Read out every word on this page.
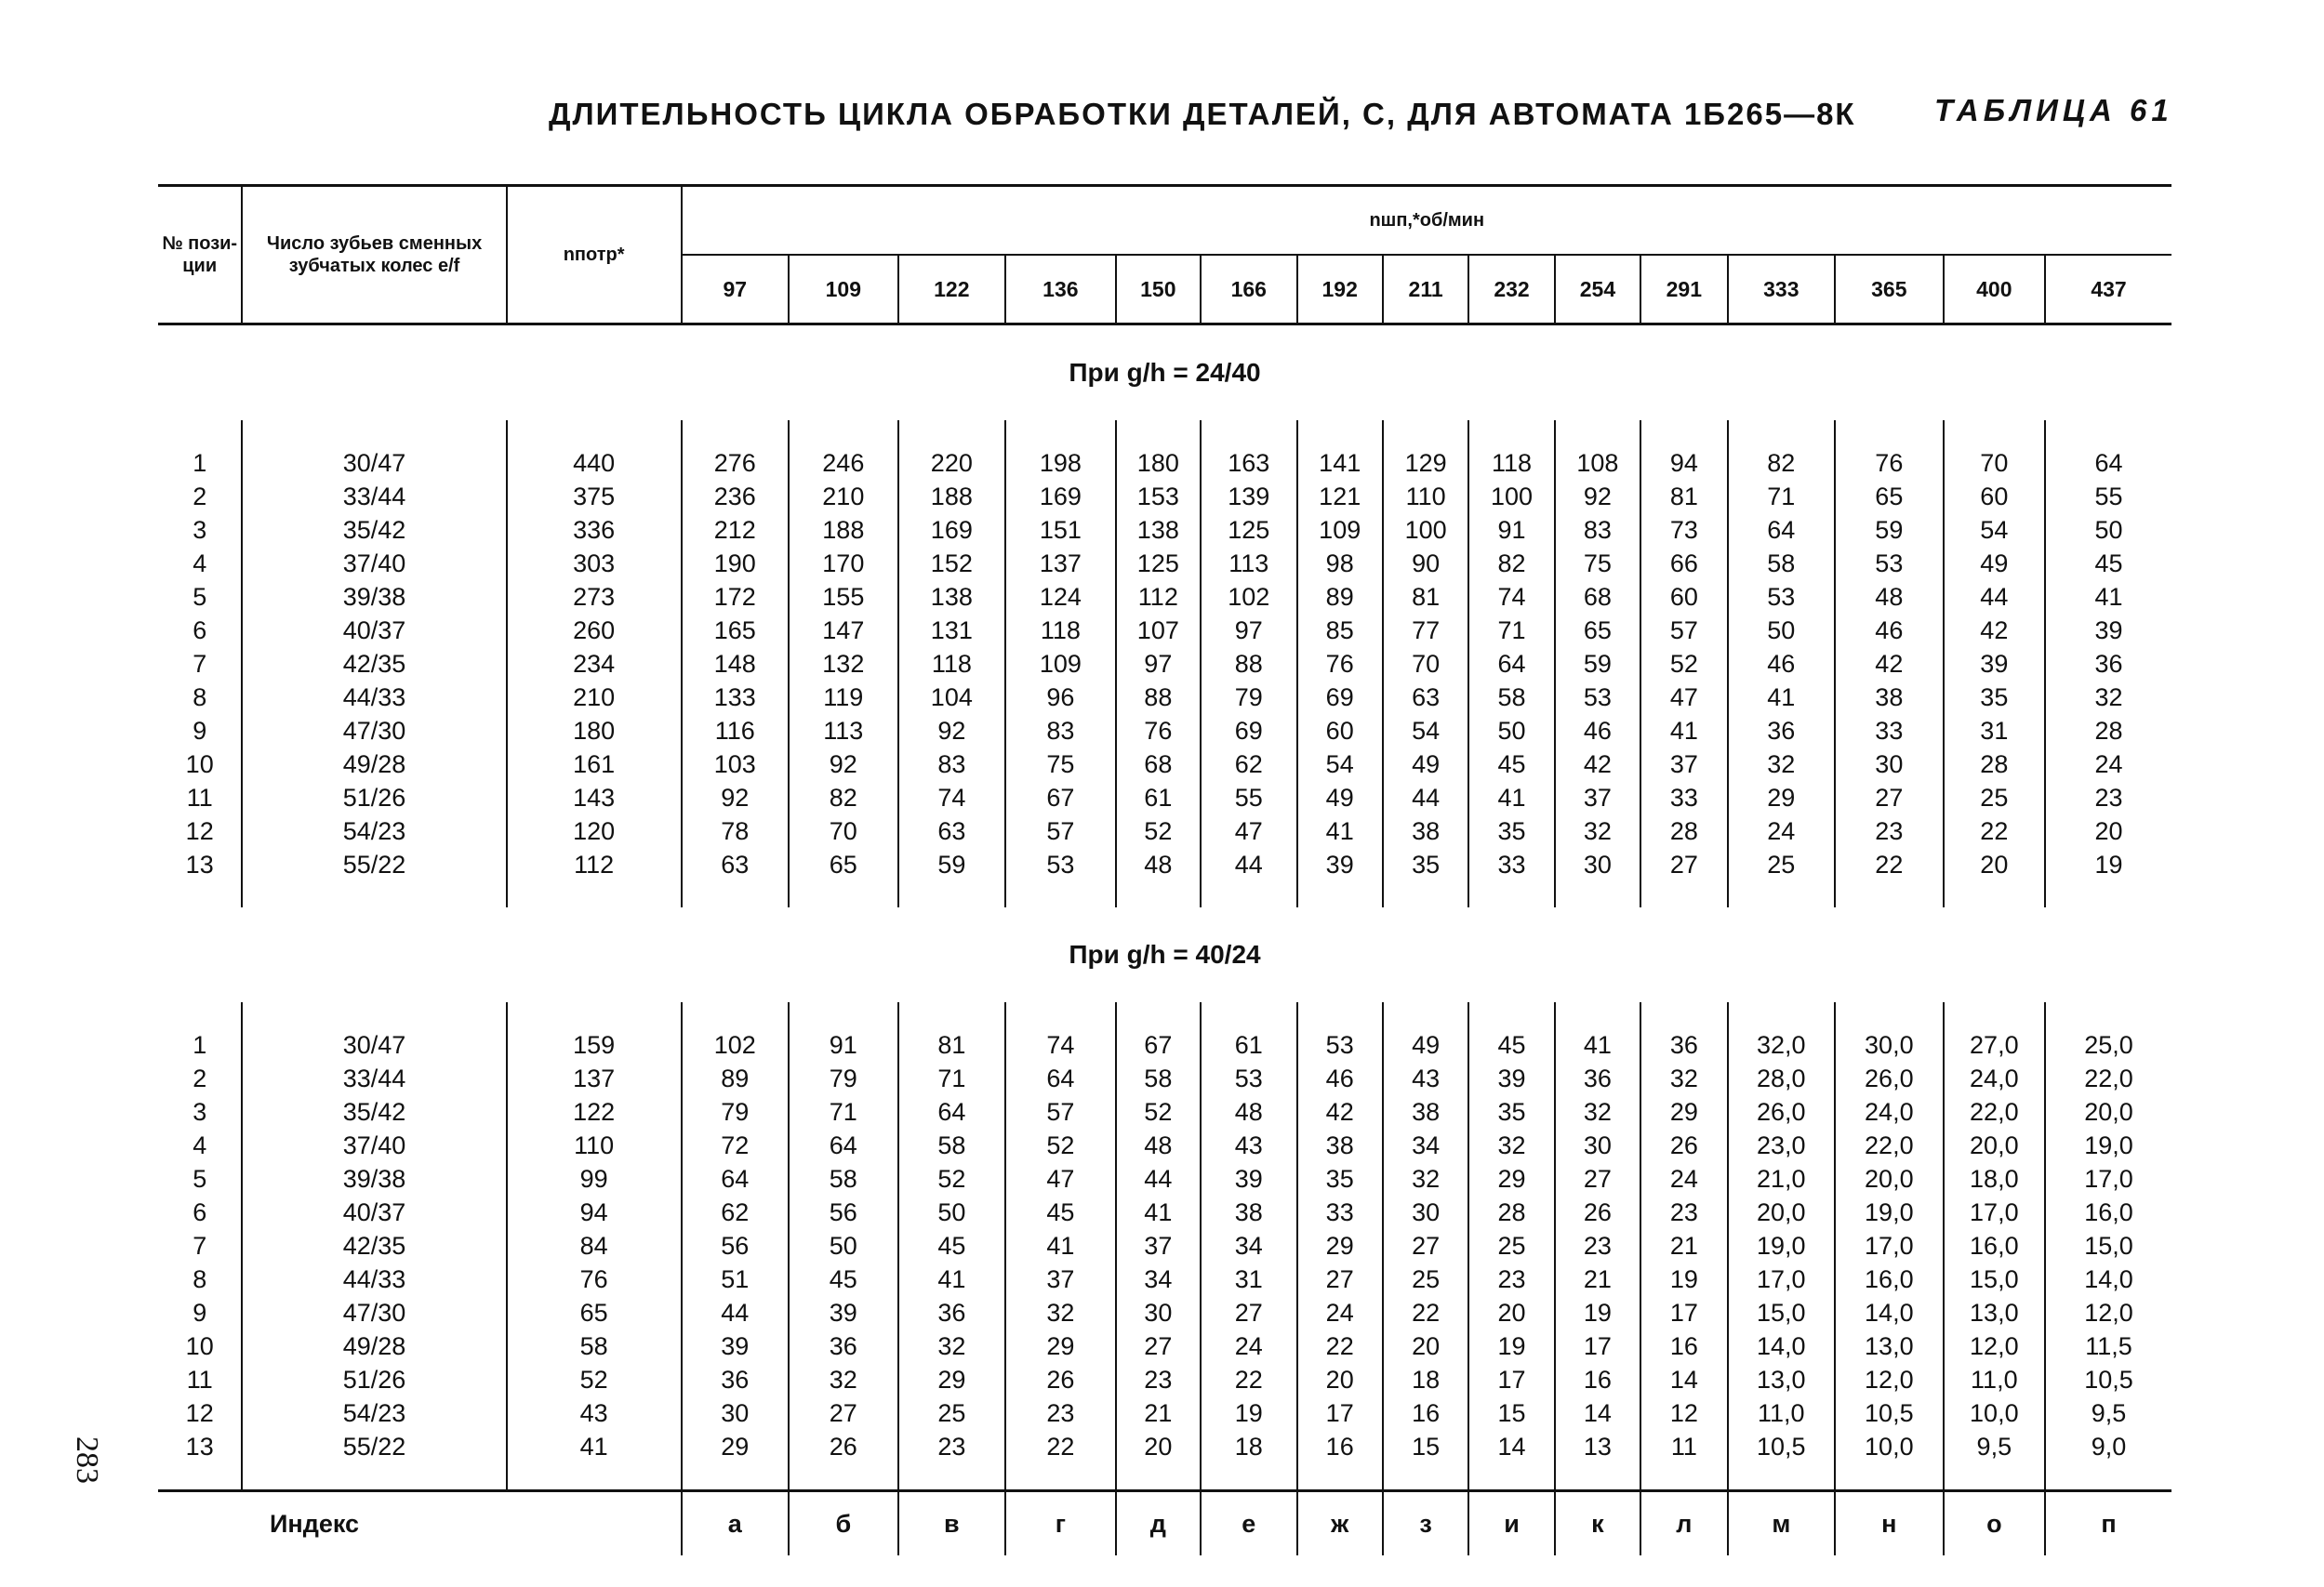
ДЛИТЕЛЬНОСТЬ ЦИКЛА ОБРАБОТКИ ДЕТАЛЕЙ, С, ДЛЯ АВТОМАТА 1Б265—8К	ТАБЛИЦА 61
283
№ пози-ции	Число зубьев сменных зубчатых колес e/f	nпотр*	nшп,*об/мин														
			97	109	122	136	150	166	192	211	232	254	291	333	365	400	437
При g/h = 24/40																	

1	30/47	440	276	246	220	198	180	163	141	129	118	108	94	82	76	70	64
2	33/44	375	236	210	188	169	153	139	121	110	100	92	81	71	65	60	55
3	35/42	336	212	188	169	151	138	125	109	100	91	83	73	64	59	54	50
4	37/40	303	190	170	152	137	125	113	98	90	82	75	66	58	53	49	45
5	39/38	273	172	155	138	124	112	102	89	81	74	68	60	53	48	44	41
6	40/37	260	165	147	131	118	107	97	85	77	71	65	57	50	46	42	39
7	42/35	234	148	132	118	109	97	88	76	70	64	59	52	46	42	39	36
8	44/33	210	133	119	104	96	88	79	69	63	58	53	47	41	38	35	32
9	47/30	180	116	113	92	83	76	69	60	54	50	46	41	36	33	31	28
10	49/28	161	103	92	83	75	68	62	54	49	45	42	37	32	30	28	24
11	51/26	143	92	82	74	67	61	55	49	44	41	37	33	29	27	25	23
12	54/23	120	78	70	63	57	52	47	41	38	35	32	28	24	23	22	20
13	55/22	112	63	65	59	53	48	44	39	35	33	30	27	25	22	20	19

При g/h = 40/24																	

1	30/47	159	102	91	81	74	67	61	53	49	45	41	36	32,0	30,0	27,0	25,0
2	33/44	137	89	79	71	64	58	53	46	43	39	36	32	28,0	26,0	24,0	22,0
3	35/42	122	79	71	64	57	52	48	42	38	35	32	29	26,0	24,0	22,0	20,0
4	37/40	110	72	64	58	52	48	43	38	34	32	30	26	23,0	22,0	20,0	19,0
5	39/38	99	64	58	52	47	44	39	35	32	29	27	24	21,0	20,0	18,0	17,0
6	40/37	94	62	56	50	45	41	38	33	30	28	26	23	20,0	19,0	17,0	16,0
7	42/35	84	56	50	45	41	37	34	29	27	25	23	21	19,0	17,0	16,0	15,0
8	44/33	76	51	45	41	37	34	31	27	25	23	21	19	17,0	16,0	15,0	14,0
9	47/30	65	44	39	36	32	30	27	24	22	20	19	17	15,0	14,0	13,0	12,0
10	49/28	58	39	36	32	29	27	24	22	20	19	17	16	14,0	13,0	12,0	11,5
11	51/26	52	36	32	29	26	23	22	20	18	17	16	14	13,0	12,0	11,0	10,5
12	54/23	43	30	27	25	23	21	19	17	16	15	14	12	11,0	10,5	10,0	9,5
13	55/22	41	29	26	23	22	20	18	16	15	14	13	11	10,5	10,0	9,5	9,0

Индекс			а	б	в	г	д	е	ж	з	и	к	л	м	н	о	п
